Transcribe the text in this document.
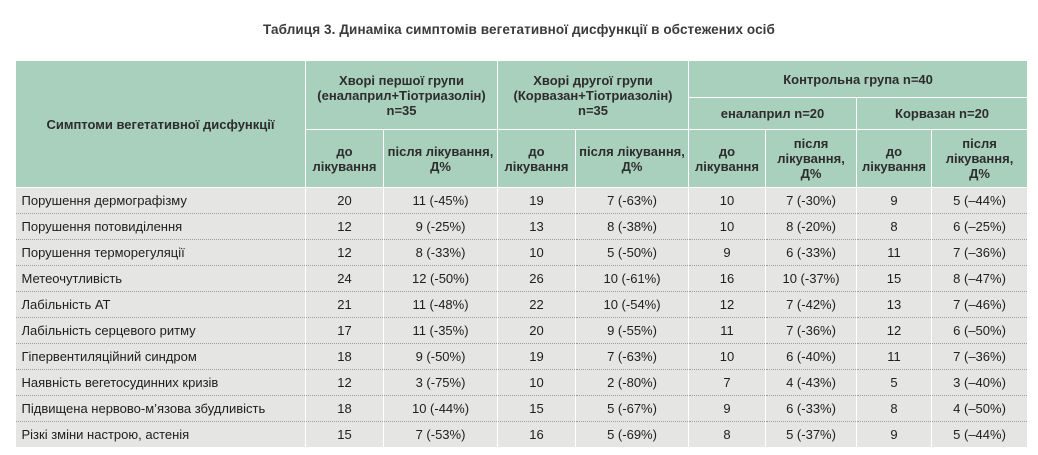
Таблиця 3. Динаміка симптомів вегетативної дисфункції в обстежених осіб
Симптоми вегетативної дисфункції	Хворі першої групи (еналаприл+Тіотриазолін) n=35		Хворі другої групи (Корвазан+Тіотриазолін) n=35		Контрольна група n=40			
					еналаприл n=20		Корвазан n=20	
	до лікування	після лікування, Д%	до лікування	після лікування, Д%	до лікування	після лікування, Д%	до лікування	після лікування, Д%
Порушення дермографізму	20	11 (-45%)	19	7 (-63%)	10	7 (-30%)	9	5 (–44%)
Порушення потовиділення	12	9 (-25%)	13	8 (-38%)	10	8 (-20%)	8	6 (–25%)
Порушення терморегуляції	12	8 (-33%)	10	5 (-50%)	9	6 (-33%)	11	7 (–36%)
Метеочутливість	24	12 (-50%)	26	10 (-61%)	16	10 (-37%)	15	8 (–47%)
Лабільність АТ	21	11 (-48%)	22	10 (-54%)	12	7 (-42%)	13	7 (–46%)
Лабільність серцевого ритму	17	11 (-35%)	20	9 (-55%)	11	7 (-36%)	12	6 (–50%)
Гіпервентиляційний синдром	18	9 (-50%)	19	7 (-63%)	10	6 (-40%)	11	7 (–36%)
Наявність вегетосудинних кризів	12	3 (-75%)	10	2 (-80%)	7	4 (-43%)	5	3 (–40%)
Підвищена нервово-м’язова збудливість	18	10 (-44%)	15	5 (-67%)	9	6 (-33%)	8	4 (–50%)
Різкі зміни настрою, астенія	15	7 (-53%)	16	5 (-69%)	8	5 (-37%)	9	5 (–44%)
